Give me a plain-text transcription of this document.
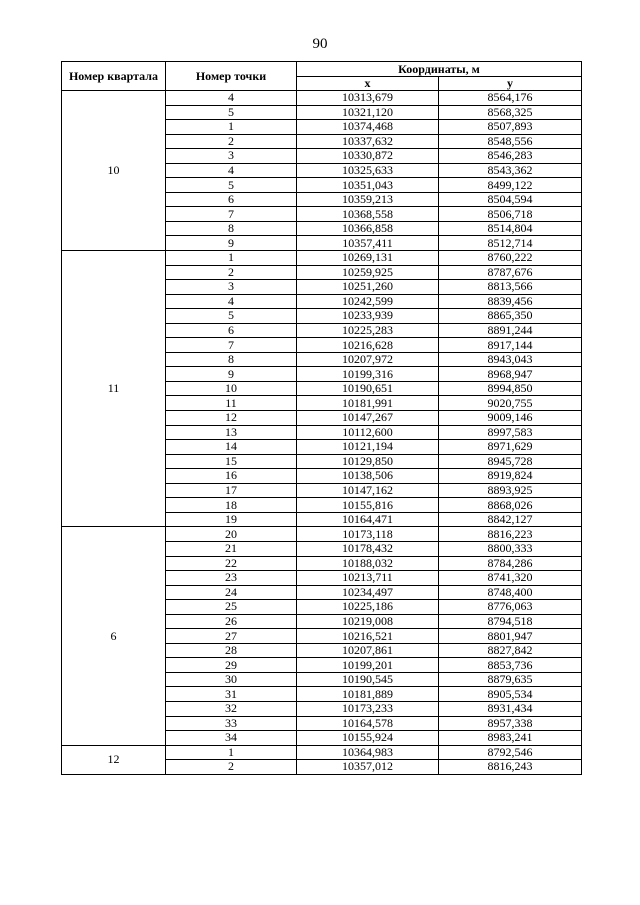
90
Номер квартала	Номер точки	Координаты, м	
		x	y
10	4	10313,679	8564,176
	5	10321,120	8568,325
	1	10374,468	8507,893
	2	10337,632	8548,556
	3	10330,872	8546,283
	4	10325,633	8543,362
	5	10351,043	8499,122
	6	10359,213	8504,594
	7	10368,558	8506,718
	8	10366,858	8514,804
	9	10357,411	8512,714
11	1	10269,131	8760,222
	2	10259,925	8787,676
	3	10251,260	8813,566
	4	10242,599	8839,456
	5	10233,939	8865,350
	6	10225,283	8891,244
	7	10216,628	8917,144
	8	10207,972	8943,043
	9	10199,316	8968,947
	10	10190,651	8994,850
	11	10181,991	9020,755
	12	10147,267	9009,146
	13	10112,600	8997,583
	14	10121,194	8971,629
	15	10129,850	8945,728
	16	10138,506	8919,824
	17	10147,162	8893,925
	18	10155,816	8868,026
	19	10164,471	8842,127
6	20	10173,118	8816,223
	21	10178,432	8800,333
	22	10188,032	8784,286
	23	10213,711	8741,320
	24	10234,497	8748,400
	25	10225,186	8776,063
	26	10219,008	8794,518
	27	10216,521	8801,947
	28	10207,861	8827,842
	29	10199,201	8853,736
	30	10190,545	8879,635
	31	10181,889	8905,534
	32	10173,233	8931,434
	33	10164,578	8957,338
	34	10155,924	8983,241
12	1	10364,983	8792,546
	2	10357,012	8816,243
